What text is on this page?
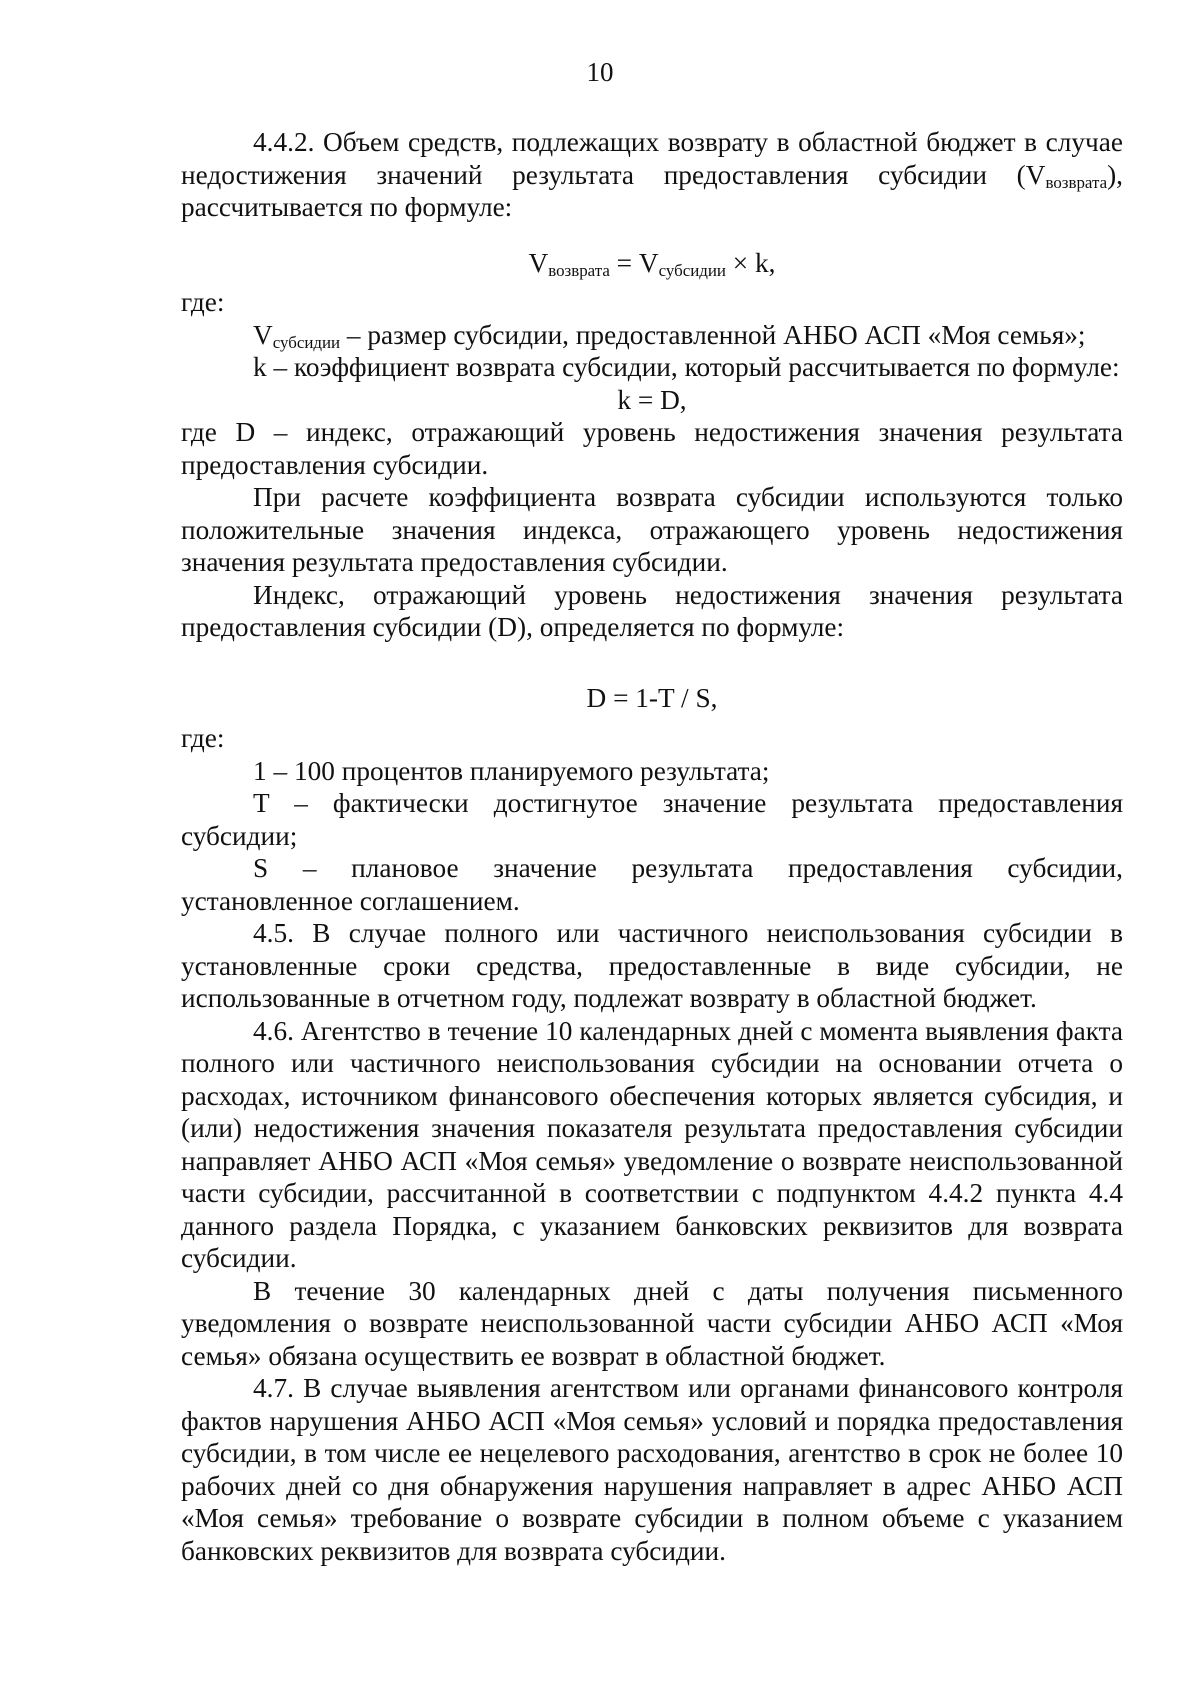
10

4.4.2. Объем средств, подлежащих возврату в областной бюджет в случае недостижения значений результата предоставления субсидии $(V_{возврата})$, рассчитывается по формуле:

$V_{возврата} = V_{субсидии} \times k$,

где:

$V_{субсидии}$ – размер субсидии, предоставленной АНБО АСП «Моя семья»;

k – коэффициент возврата субсидии, который рассчитывается по формуле:

k = D,

где D – индекс, отражающий уровень недостижения значения результата предоставления субсидии.

При расчете коэффициента возврата субсидии используются только положительные значения индекса, отражающего уровень недостижения значения результата предоставления субсидии.

Индекс, отражающий уровень недостижения значения результата предоставления субсидии (D), определяется по формуле:

D = 1-T / S,

где:

1 – 100 процентов планируемого результата;

T – фактически достигнутое значение результата предоставления субсидии;

S – плановое значение результата предоставления субсидии, установленное соглашением.

4.5. В случае полного или частичного неиспользования субсидии в установленные сроки средства, предоставленные в виде субсидии, не использованные в отчетном году, подлежат возврату в областной бюджет.

4.6. Агентство в течение 10 календарных дней с момента выявления факта полного или частичного неиспользования субсидии на основании отчета о расходах, источником финансового обеспечения которых является субсидия, и (или) недостижения значения показателя результата предоставления субсидии направляет АНБО АСП «Моя семья» уведомление о возврате неиспользованной части субсидии, рассчитанной в соответствии с подпунктом 4.4.2 пункта 4.4 данного раздела Порядка, с указанием банковских реквизитов для возврата субсидии.

В течение 30 календарных дней с даты получения письменного уведомления о возврате неиспользованной части субсидии АНБО АСП «Моя семья» обязана осуществить ее возврат в областной бюджет.

4.7. В случае выявления агентством или органами финансового контроля фактов нарушения АНБО АСП «Моя семья» условий и порядка предоставления субсидии, в том числе ее нецелевого расходования, агентство в срок не более 10 рабочих дней со дня обнаружения нарушения направляет в адрес АНБО АСП «Моя семья» требование о возврате субсидии в полном объеме с указанием банковских реквизитов для возврата субсидии.
